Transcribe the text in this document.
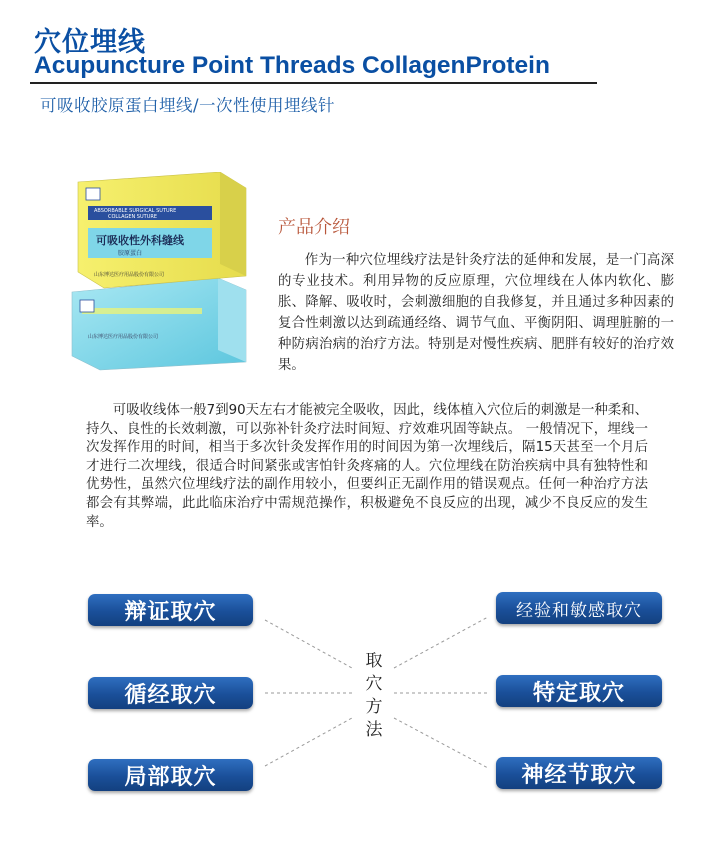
穴位埋线
Acupuncture Point Threads CollagenProtein
可吸收胶原蛋白埋线/一次性使用埋线针
山东博达医疗用品股份有限公司
ABSORBABLE SURGICAL SUTURE
COLLAGEN SUTURE
可吸收性外科缝线
胶原蛋白
山东博达医疗用品股份有限公司
产品介绍
作为一种穴位埋线疗法是针灸疗法的延伸和发展，是一门高深的专业技术。利用异物的反应原理，穴位埋线在人体内软化、膨胀、降解、吸收时，会刺激细胞的自我修复，并且通过多种因素的复合性刺激以达到疏通经络、调节气血、平衡阴阳、调理脏腑的一种防病治病的治疗方法。特别是对慢性疾病、肥胖有较好的治疗效果。
可吸收线体一般7到90天左右才能被完全吸收，因此，线体植入穴位后的刺激是一种柔和、持久、良性的长效刺激，可以弥补针灸疗法时间短、疗效难巩固等缺点。 一般情况下，埋线一次发挥作用的时间，相当于多次针灸发挥作用的时间因为第一次埋线后，隔15天甚至一个月后才进行二次埋线，很适合时间紧张或害怕针灸疼痛的人。穴位埋线在防治疾病中具有独特性和优势性，虽然穴位埋线疗法的副作用较小，但要纠正无副作用的错误观点。任何一种治疗方法都会有其弊端，此此临床治疗中需规范操作，积极避免不良反应的出现，减少不良反应的发生率。
辩证取穴
循经取穴
局部取穴
经验和敏感取穴
特定取穴
神经节取穴
取穴方法
